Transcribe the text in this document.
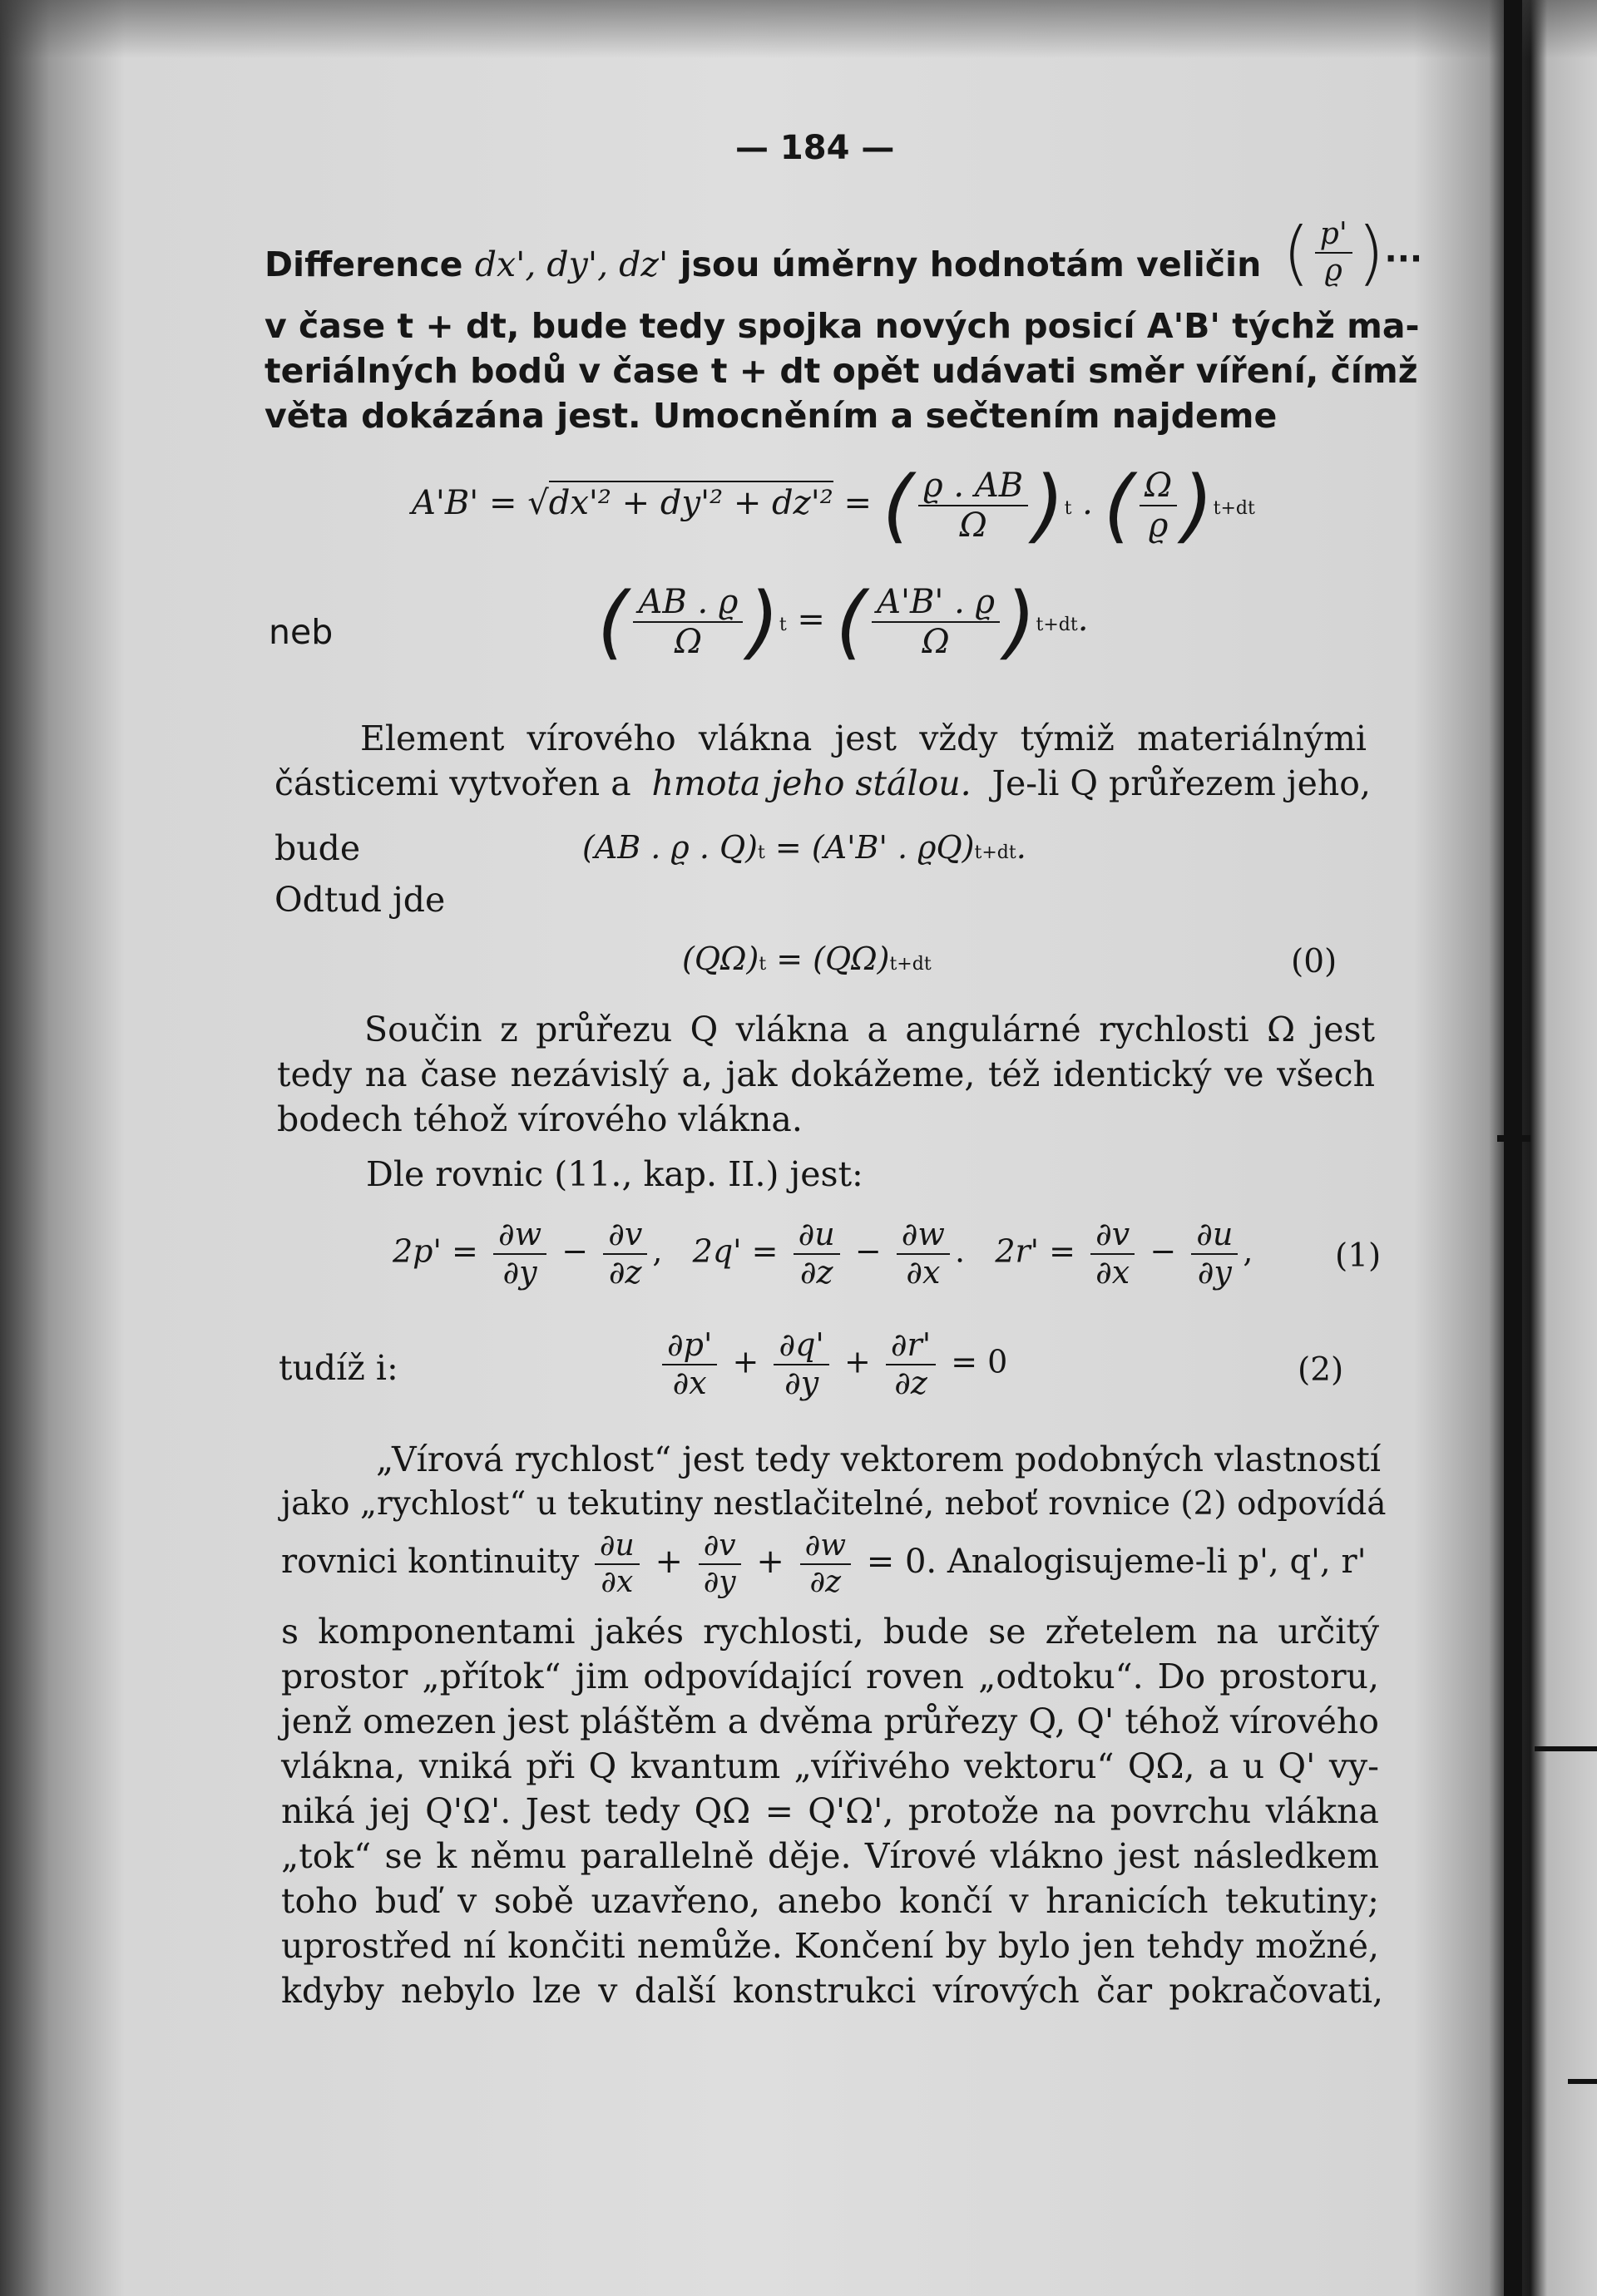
— 184 —
Difference dx', dy', dz' jsou úměrny hodnotám veličin ( $\frac{p'}{ϱ}$ )...
v čase t + dt, bude tedy spojka nových posicí A'B' týchž ma-
teriálných bodů v čase t + dt opět udávati směr víření, čímž
věta dokázána jest. Umocněním a sečtením najdeme
A'B' = √dx'² + dy'² + dz'² = ( $\frac{ϱ . AB}{\Omega} )t$ . ( $\frac{\Omega}{ϱ} )t+dt$
neb	( $\frac{AB . ϱ}{\Omega} )t$ = ( $\frac{A'B' . ϱ}{\Omega} )t+dt$.
Element vírového vlákna jest vždy týmiž materiálnými
částicemi vytvořen a hmota jeho stálou. Je-li Q průřezem jeho,
bude	(AB . ϱ . Q)t = (A'B' . ϱQ)t+dt.
Odtud jde
(QΩ)t = (QΩ)t+dt	(0)
Součin z průřezu Q vlákna a angulárné rychlosti Ω jest
tedy na čase nezávislý a, jak dokážeme, též identický ve všech
bodech téhož vírového vlákna.
Dle rovnic (11., kap. II.) jest:
$2p' = \frac{\partial w}{\partial y} - \frac{\partial v}{\partial z}$ , $2q' = \frac{\partial u}{\partial z} - \frac{\partial w}{\partial x}$ . $2r' = \frac{\partial v}{\partial x} - \frac{\partial u}{\partial y}$ ,	(1)
tudíž i:	$\frac{\partial p'}{\partial x} + \frac{\partial q'}{\partial y} + \frac{\partial r'}{\partial z} = 0$	(2)
„Vírová rychlost“ jest tedy vektorem podobných vlastností
jako „rychlost“ u tekutiny nestlačitelné, neboť rovnice (2) odpovídá
rovnici kontinuity $\frac{\partial u}{\partial x} + \frac{\partial v}{\partial y} + \frac{\partial w}{\partial z} = 0$. Analogisujeme-li p', q', r'
s komponentami jakés rychlosti, bude se zřetelem na určitý
prostor „přítok“ jim odpovídající roven „odtoku“. Do prostoru,
jenž omezen jest pláštěm a dvěma průřezy Q, Q' téhož vírového
vlákna, vniká při Q kvantum „vířivého vektoru“ QΩ, a u Q' vy-
niká jej Q'Ω'. Jest tedy QΩ = Q'Ω', protože na povrchu vlákna
„tok“ se k němu parallelně děje. Vírové vlákno jest následkem
toho buď v sobě uzavřeno, anebo končí v hranicích tekutiny;
uprostřed ní končiti nemůže. Končení by bylo jen tehdy možné,
kdyby nebylo lze v další konstrukci vírových čar pokračovati,
